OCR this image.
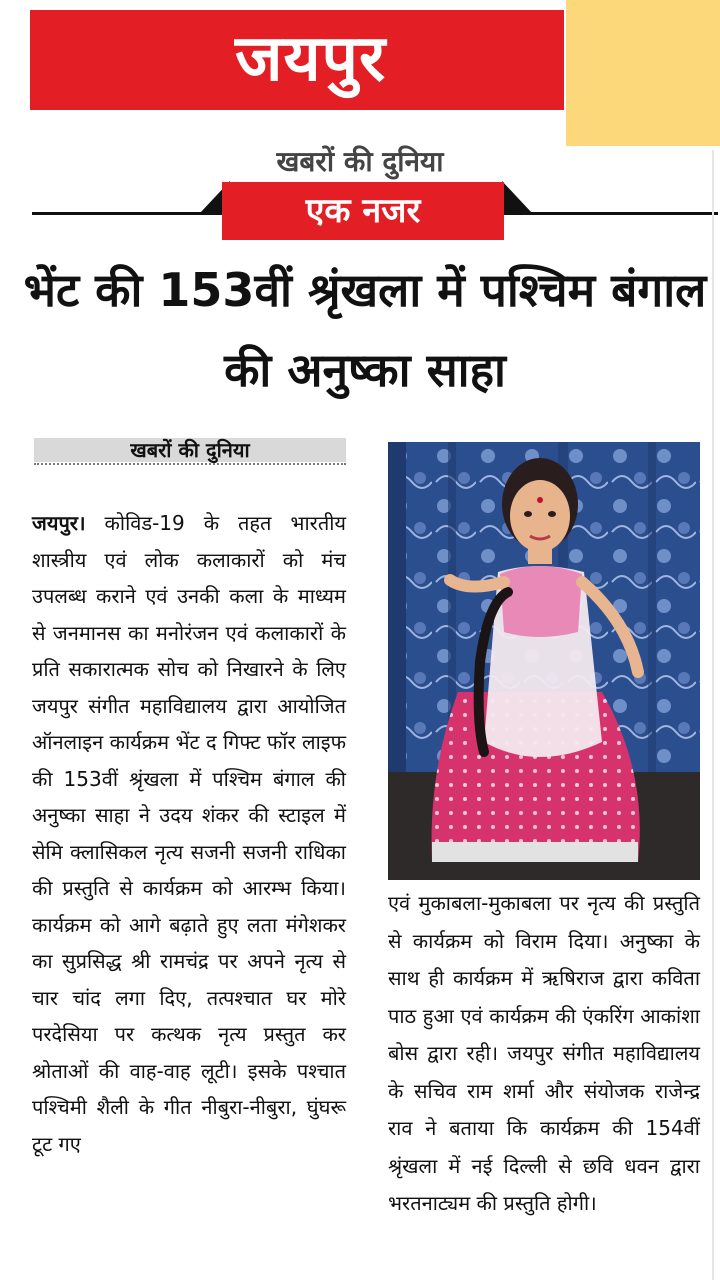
जयपुर
खबरों की दुनिया
एक नजर
भेंट की 153वीं श्रृंखला में पश्चिम बंगाल की अनुष्का साहा
खबरों की दुनिया

जयपुर। कोविड-19 के तहत भारतीय शास्त्रीय एवं लोक कलाकारों को मंच उपलब्ध कराने एवं उनकी कला के माध्यम से जनमानस का मनोरंजन एवं कलाकारों के प्रति सकारात्मक सोच को निखारने के लिए जयपुर संगीत महाविद्यालय द्वारा आयोजित ऑनलाइन कार्यक्रम भेंट द गिफ्ट फॉर लाइफ की 153वीं श्रृंखला में पश्चिम बंगाल की अनुष्का साहा ने उदय शंकर की स्टाइल में सेमि क्लासिकल नृत्य सजनी सजनी राधिका की प्रस्तुति से कार्यक्रम को आरम्भ किया। कार्यक्रम को आगे बढ़ाते हुए लता मंगेशकर का सुप्रसिद्ध श्री रामचंद्र पर अपने नृत्य से चार चांद लगा दिए, तत्पश्चात घर मोरे परदेसिया पर कत्थक नृत्य प्रस्तुत कर श्रोताओं की वाह-वाह लूटी। इसके पश्चात पश्चिमी शैली के गीत नीबुरा-नीबुरा, घुंघरू टूट गए

एवं मुकाबला-मुकाबला पर नृत्य की प्रस्तुति से कार्यक्रम को विराम दिया। अनुष्का के साथ ही कार्यक्रम में ऋषिराज द्वारा कविता पाठ हुआ एवं कार्यक्रम की एंकरिंग आकांशा बोस द्वारा रही। जयपुर संगीत महाविद्यालय के सचिव राम शर्मा और संयोजक राजेन्द्र राव ने बताया कि कार्यक्रम की 154वीं श्रृंखला में नई दिल्ली से छवि धवन द्वारा भरतनाट्यम की प्रस्तुति होगी।
